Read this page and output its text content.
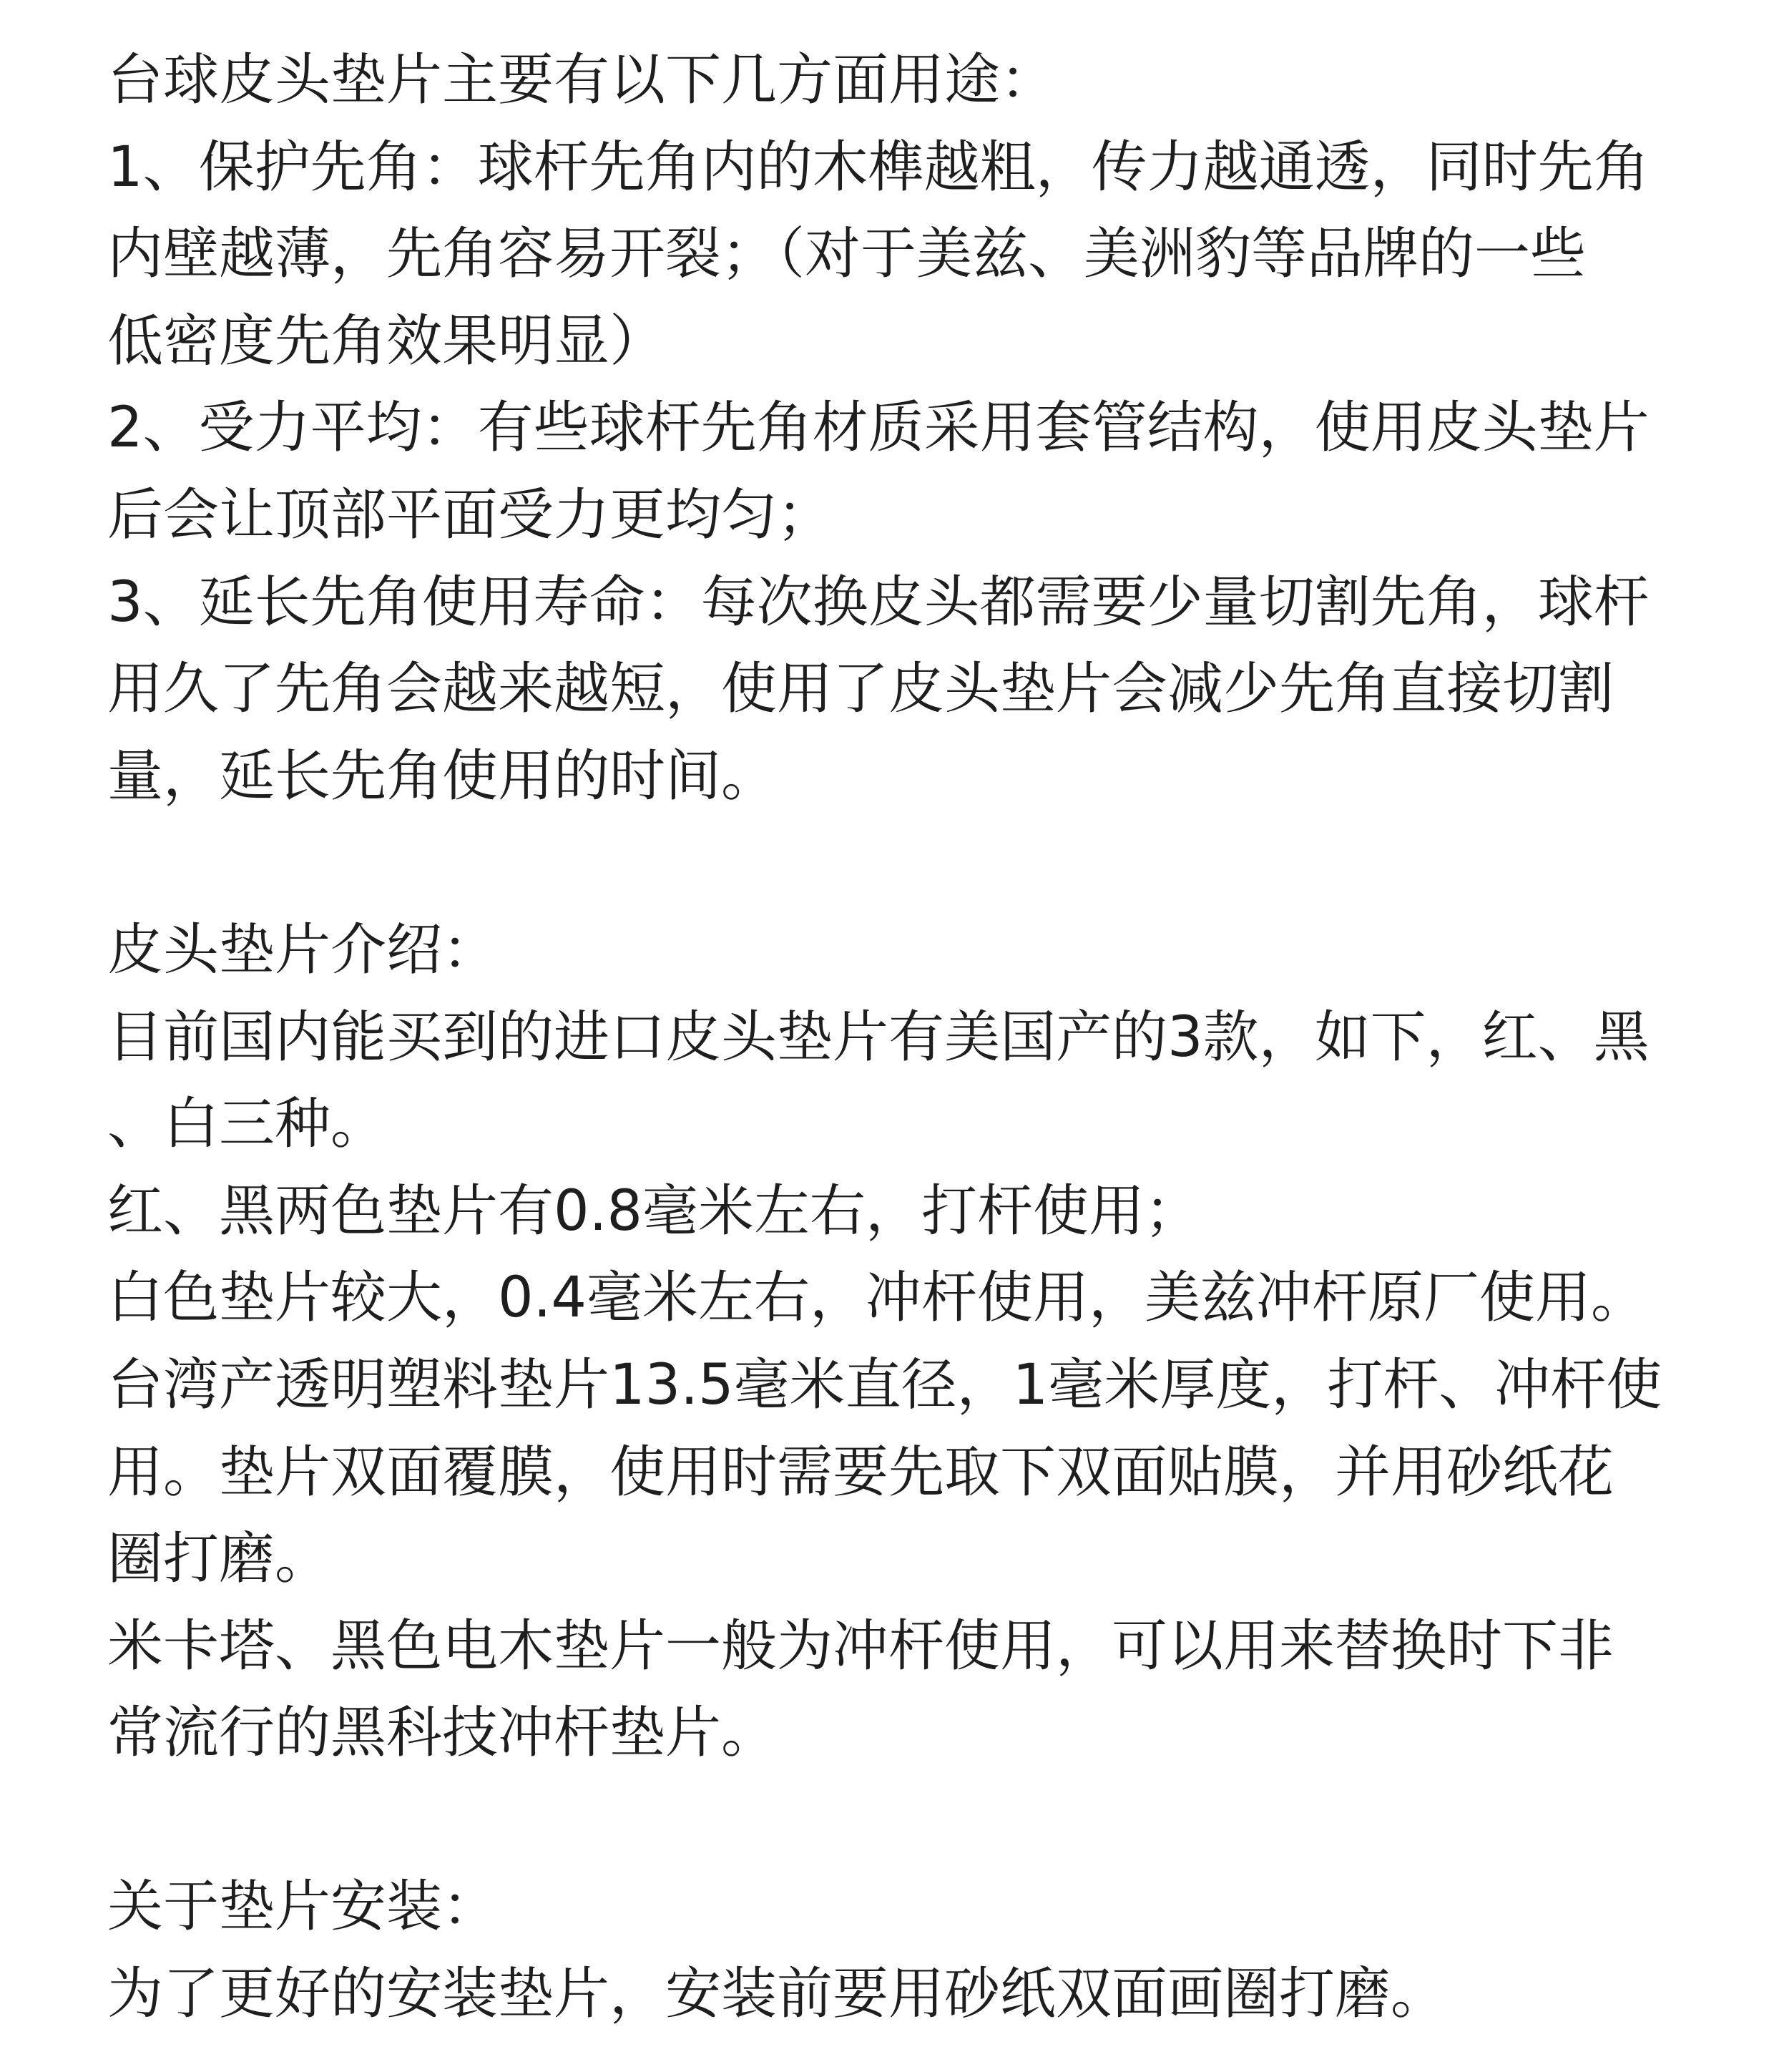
台球皮头垫片主要有以下几方面用途：
1、保护先角：球杆先角内的木榫越粗，传力越通透，同时先角
内壁越薄，先角容易开裂；（对于美兹、美洲豹等品牌的一些
低密度先角效果明显）
2、受力平均：有些球杆先角材质采用套管结构，使用皮头垫片
后会让顶部平面受力更均匀；
3、延长先角使用寿命：每次换皮头都需要少量切割先角，球杆
用久了先角会越来越短，使用了皮头垫片会减少先角直接切割
量，延长先角使用的时间。
皮头垫片介绍：
目前国内能买到的进口皮头垫片有美国产的3款，如下，红、黑
、白三种。
红、黑两色垫片有0.8毫米左右，打杆使用；
白色垫片较大，0.4毫米左右，冲杆使用，美兹冲杆原厂使用。
台湾产透明塑料垫片13.5毫米直径，1毫米厚度，打杆、冲杆使
用。垫片双面覆膜，使用时需要先取下双面贴膜，并用砂纸花
圈打磨。
米卡塔、黑色电木垫片一般为冲杆使用，可以用来替换时下非
常流行的黑科技冲杆垫片。
关于垫片安装：
为了更好的安装垫片，安装前要用砂纸双面画圈打磨。
